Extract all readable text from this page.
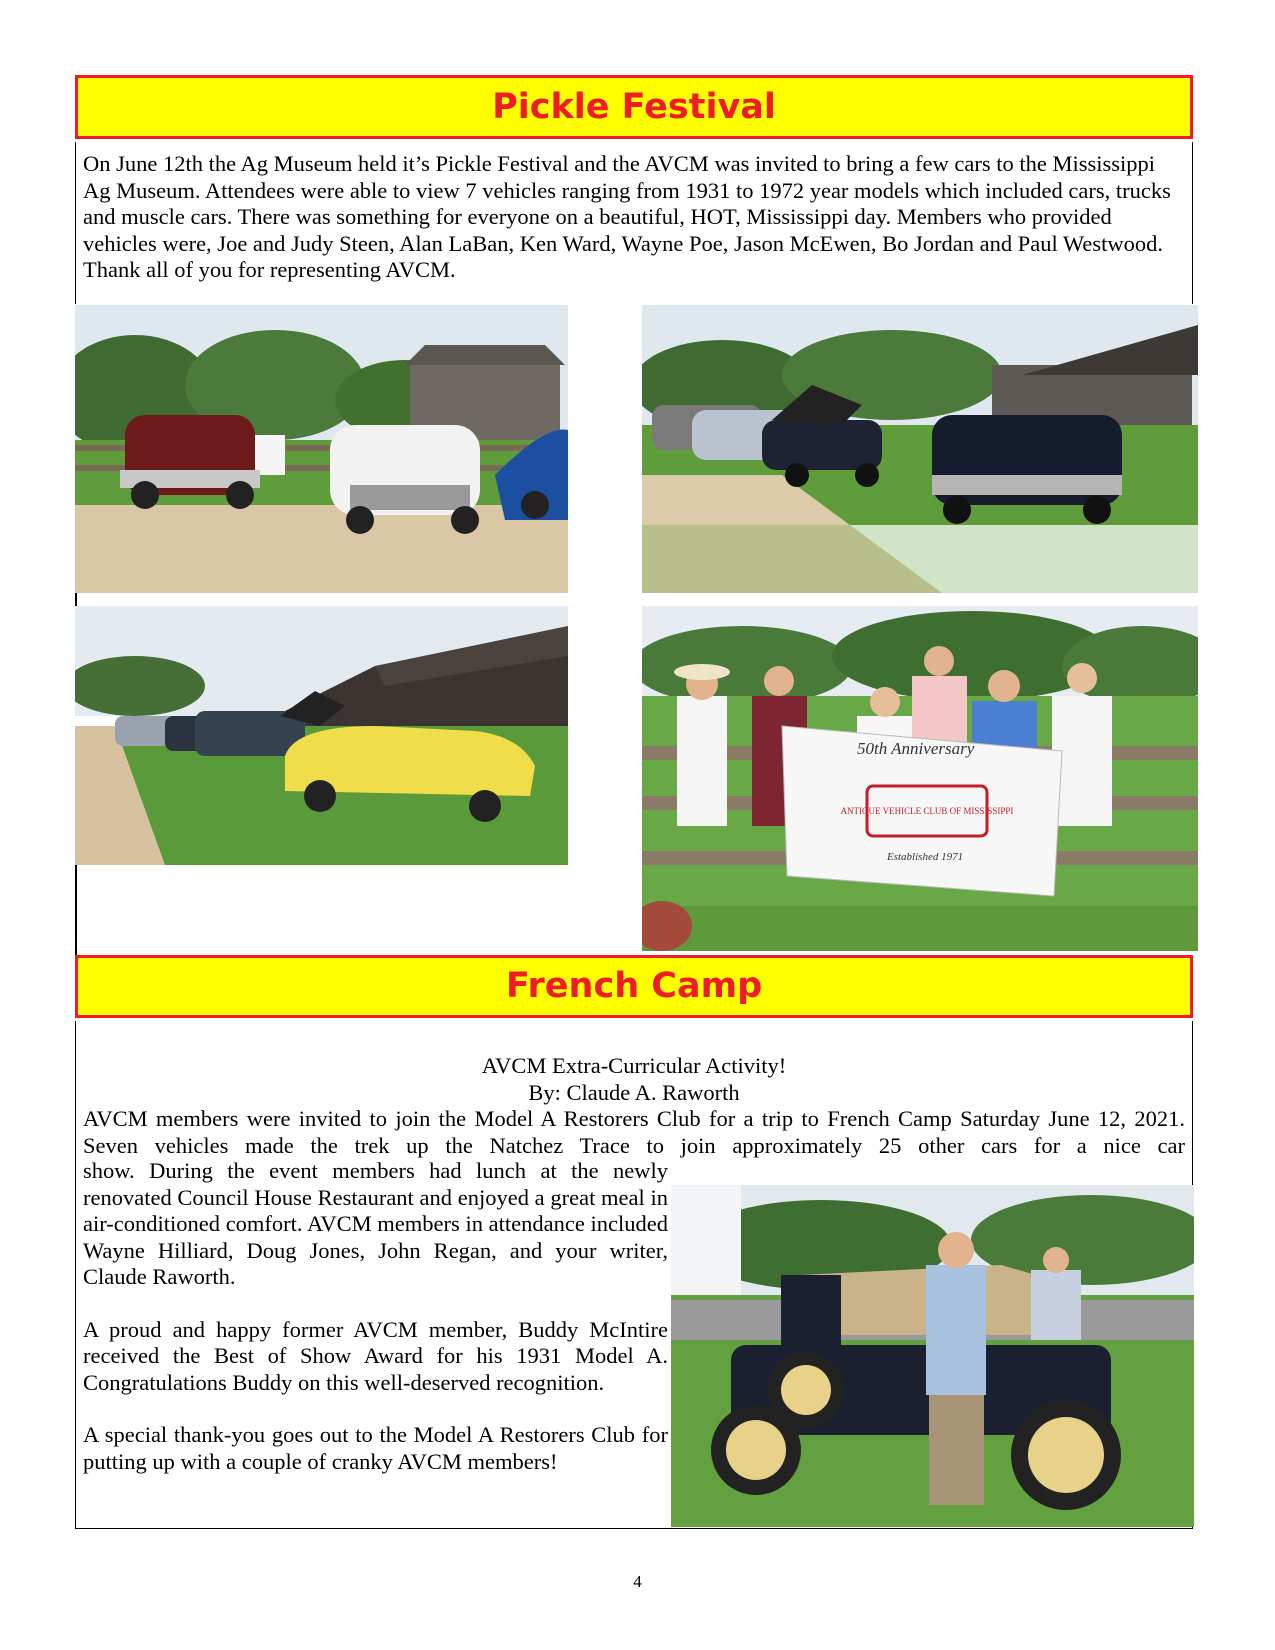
Pickle Festival

On June 12th the Ag Museum held it’s Pickle Festival and the AVCM was invited to bring a few cars to the Mississippi Ag Museum. Attendees were able to view 7 vehicles ranging from 1931 to 1972 year models which included cars, trucks and muscle cars. There was something for everyone on a beautiful, HOT, Mississippi day. Members who provided vehicles were, Joe and Judy Steen, Alan LaBan, Ken Ward, Wayne Poe, Jason McEwen, Bo Jordan and Paul Westwood. Thank all of you for representing AVCM.

50th Anniversary
ANTIQUE VEHICLE CLUB OF MISSISSIPPI
Established 1971
French Camp
AVCM Extra-Curricular Activity!
By: Claude A. Raworth

AVCM members were invited to join the Model A Restorers Club for a trip to French Camp Saturday June 12, 2021. Seven vehicles made the trek up the Natchez Trace to join approximately 25 other cars for a nice car

show. During the event members had lunch at the newly renovated Council House Restaurant and enjoyed a great meal in air-conditioned comfort. AVCM members in attendance included Wayne Hilliard, Doug Jones, John Regan, and your writer, Claude Raworth.

A proud and happy former AVCM member, Buddy McIntire received the Best of Show Award for his 1931 Model A. Congratulations Buddy on this well-deserved recognition.

A special thank-you goes out to the Model A Restorers Club for putting up with a couple of cranky AVCM members!

4
